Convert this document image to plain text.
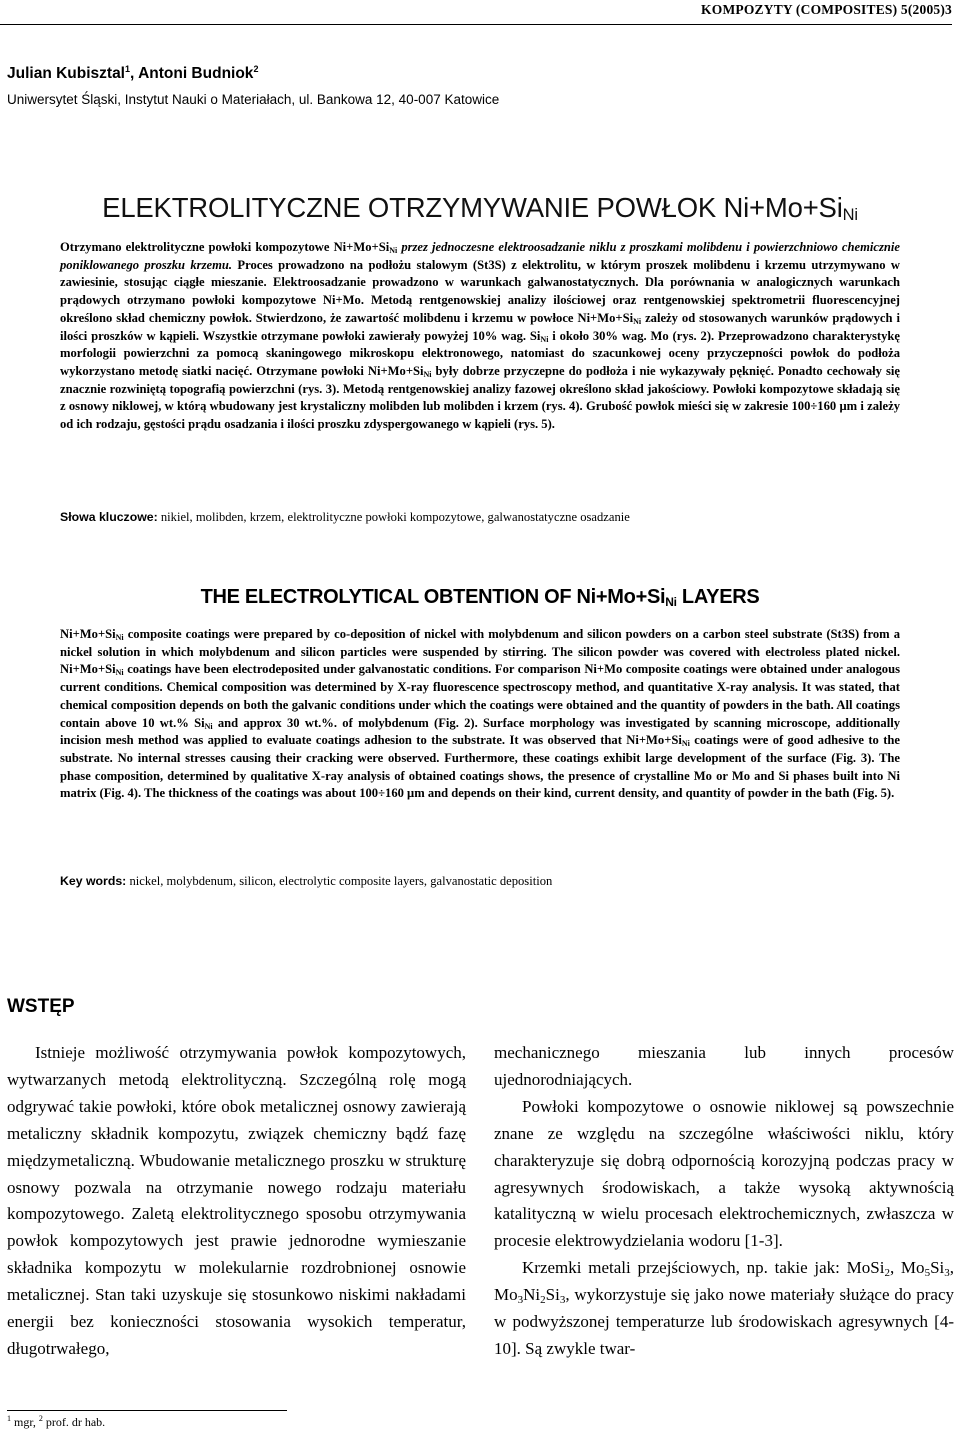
KOMPOZYTY (COMPOSITES) 5(2005)3
Julian Kubisztal$^1$, Antoni Budniok$^2$
Uniwersytet Śląski, Instytut Nauki o Materiałach, ul. Bankowa 12, 40-007 Katowice
ELEKTROLITYCZNE OTRZYMYWANIE POWŁOK $Ni+Mo+Si_{Ni}$
Otrzymano elektrolityczne powłoki kompozytowe $Ni+Mo+Si_{Ni}$ przez jednoczesne elektroosadzanie niklu z proszkami molibdenu i powierzchniowo chemicznie poniklowanego proszku krzemu. Proces prowadzono na podłożu stalowym (St3S) z elektrolitu, w którym proszek molibdenu i krzemu utrzymywano w zawiesinie, stosując ciągłe mieszanie. Elektroosadzanie prowadzono w warunkach galwanostatycznych. Dla porównania w analogicznych warunkach prądowych otrzymano powłoki kompozytowe Ni+Mo. Metodą rentgenowskiej analizy ilościowej oraz rentgenowskiej spektrometrii fluorescencyjnej określono skład chemiczny powłok. Stwierdzono, że zawartość molibdenu i krzemu w powłoce $Ni+Mo+Si_{Ni}$ zależy od stosowanych warunków prądowych i ilości proszków w kąpieli. Wszystkie otrzymane powłoki zawierały powyżej 10% wag. $Si_{Ni}$ i około 30% wag. Mo (rys. 2). Przeprowadzono charakterystykę morfologii powierzchni za pomocą skaningowego mikroskopu elektronowego, natomiast do szacunkowej oceny przyczepności powłok do podłoża wykorzystano metodę siatki nacięć. Otrzymane powłoki $Ni+Mo+Si_{Ni}$ były dobrze przyczepne do podłoża i nie wykazywały pęknięć. Ponadto cechowały się znacznie rozwiniętą topografią powierzchni (rys. 3). Metodą rentgenowskiej analizy fazowej określono skład jakościowy. Powłoki kompozytowe składają się z osnowy niklowej, w którą wbudowany jest krystaliczny molibden lub molibden i krzem (rys. 4). Grubość powłok mieści się w zakresie 100÷160 μm i zależy od ich rodzaju, gęstości prądu osadzania i ilości proszku zdyspergowanego w kąpieli (rys. 5).
Słowa kluczowe: nikiel, molibden, krzem, elektrolityczne powłoki kompozytowe, galwanostatyczne osadzanie
THE ELECTROLYTICAL OBTENTION OF $Ni+Mo+Si_{Ni}$ LAYERS
$Ni+Mo+Si_{Ni}$ composite coatings were prepared by co-deposition of nickel with molybdenum and silicon powders on a carbon steel substrate (St3S) from a nickel solution in which molybdenum and silicon particles were suspended by stirring. The silicon powder was covered with electroless plated nickel. $Ni+Mo+Si_{Ni}$ coatings have been electrodeposited under galvanostatic conditions. For comparison Ni+Mo composite coatings were obtained under analogous current conditions. Chemical composition was determined by X-ray fluorescence spectroscopy method, and quantitative X-ray analysis. It was stated, that chemical composition depends on both the galvanic conditions under which the coatings were obtained and the quantity of powders in the bath. All coatings contain above 10 wt.% $Si_{Ni}$ and approx 30 wt.%. of molybdenum (Fig. 2). Surface morphology was investigated by scanning microscope, additionally incision mesh method was applied to evaluate coatings adhesion to the substrate. It was observed that $Ni+Mo+Si_{Ni}$ coatings were of good adhesive to the substrate. No internal stresses causing their cracking were observed. Furthermore, these coatings exhibit large development of the surface (Fig. 3). The phase composition, determined by qualitative X-ray analysis of obtained coatings shows, the presence of crystalline Mo or Mo and Si phases built into Ni matrix (Fig. 4). The thickness of the coatings was about 100÷160 μm and depends on their kind, current density, and quantity of powder in the bath (Fig. 5).
Key words: nickel, molybdenum, silicon, electrolytic composite layers, galvanostatic deposition
WSTĘP

Istnieje możliwość otrzymywania powłok kompozytowych, wytwarzanych metodą elektrolityczną. Szczególną rolę mogą odgrywać takie powłoki, które obok metalicznej osnowy zawierają metaliczny składnik kompozytu, związek chemiczny bądź fazę międzymetaliczną. Wbudowanie metalicznego proszku w strukturę osnowy pozwala na otrzymanie nowego rodzaju materiału kompozytowego. Zaletą elektrolitycznego sposobu otrzymywania powłok kompozytowych jest prawie jednorodne wymieszanie składnika kompozytu w molekularnie rozdrobnionej osnowie metalicznej. Stan taki uzyskuje się stosunkowo niskimi nakładami energii bez konieczności stosowania wysokich temperatur, długotrwałego,

mechanicznego mieszania lub innych procesów ujednorodniających.

Powłoki kompozytowe o osnowie niklowej są powszechnie znane ze względu na szczególne właściwości niklu, który charakteryzuje się dobrą odpornością korozyjną podczas pracy w agresywnych środowiskach, a także wysoką aktywnością katalityczną w wielu procesach elektrochemicznych, zwłaszcza w procesie elektrowydzielania wodoru [1-3].

Krzemki metali przejściowych, np. takie jak: MoSi$_2$, $Mo_5Si_3$, $Mo_3Ni_2Si_3$, wykorzystuje się jako nowe materiały służące do pracy w podwyższonej temperaturze lub środowiskach agresywnych [4-10]. Są zwykle twar-

$^1$ mgr, $^2$ prof. dr hab.
